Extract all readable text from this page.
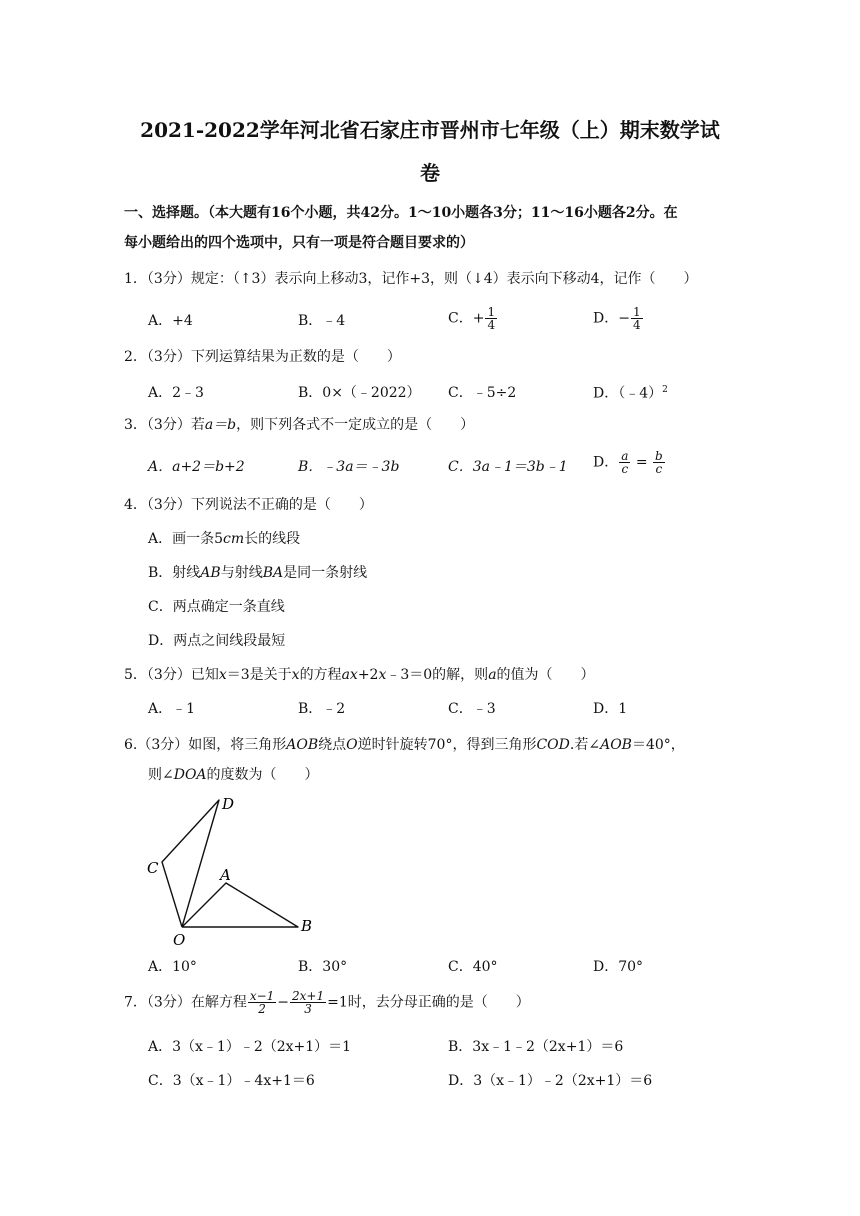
2021-2022学年河北省石家庄市晋州市七年级（上）期末数学试
卷
一、选择题。（本大题有16个小题，共42分。1～10小题各3分；11～16小题各2分。在
每小题给出的四个选项中，只有一项是符合题目要求的）
1．（3分）规定：（↑3）表示向上移动3，记作+3，则（↓4）表示向下移动4，记作（　　）
A．+4	B．﹣4	C．+ $\frac{1}{4}$	D．− $\frac{1}{4}$
2．（3分）下列运算结果为正数的是（　　）
A．2﹣3	B．0×（﹣2022） C．﹣5÷2	D．（﹣4）$^2$
3．（3分）若a＝b，则下列各式不一定成立的是（　　）
A．a+2＝b+2	B．﹣3a＝﹣3b	C．3a﹣1＝3b﹣1 D． $\frac{a}{c} = \frac{b}{c}$
4．（3分）下列说法不正确的是（　　）
A．画一条5cm长的线段
B．射线AB与射线BA是同一条射线
C．两点确定一条直线
D．两点之间线段最短
5．（3分）已知x＝3是关于x的方程ax+2x﹣3＝0的解，则a的值为（　　）
A．﹣1	B．﹣2	C．﹣3	D．1
6.（3分）如图，将三角形AOB绕点O逆时针旋转70°，得到三角形COD.若∠AOB＝40°，
则∠DOA的度数为（　　）
D
C	A
B
O
A．10°	B．30°	C．40°	D．70°
7．（3分）在解方程 $\frac{x-1}{2} - \frac{2x+1}{3} =1$时，去分母正确的是（　　）
A．3（x﹣1）﹣2（2x+1）＝1	B．3x﹣1﹣2（2x+1）＝6
C．3（x﹣1）﹣4x+1＝6	D．3（x﹣1）﹣2（2x+1）＝6
